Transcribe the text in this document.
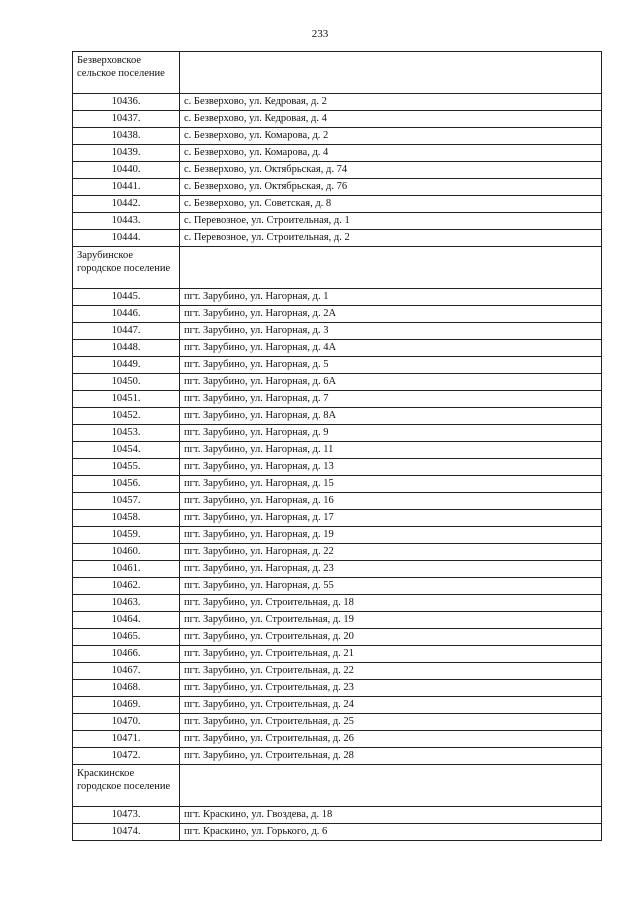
233
Безверховское сельское поселение	
10436.	с. Безверхово, ул. Кедровая, д. 2
10437.	с. Безверхово, ул. Кедровая, д. 4
10438.	с. Безверхово, ул. Комарова, д. 2
10439.	с. Безверхово, ул. Комарова, д. 4
10440.	с. Безверхово, ул. Октябрьская, д. 74
10441.	с. Безверхово, ул. Октябрьская, д. 76
10442.	с. Безверхово, ул. Советская, д. 8
10443.	с. Перевозное, ул. Строительная, д. 1
10444.	с. Перевозное, ул. Строительная, д. 2
Зарубинское городское поселение	
10445.	пгт. Зарубино, ул. Нагорная, д. 1
10446.	пгт. Зарубино, ул. Нагорная, д. 2А
10447.	пгт. Зарубино, ул. Нагорная, д. 3
10448.	пгт. Зарубино, ул. Нагорная, д. 4А
10449.	пгт. Зарубино, ул. Нагорная, д. 5
10450.	пгт. Зарубино, ул. Нагорная, д. 6А
10451.	пгт. Зарубино, ул. Нагорная, д. 7
10452.	пгт. Зарубино, ул. Нагорная, д. 8А
10453.	пгт. Зарубино, ул. Нагорная, д. 9
10454.	пгт. Зарубино, ул. Нагорная, д. 11
10455.	пгт. Зарубино, ул. Нагорная, д. 13
10456.	пгт. Зарубино, ул. Нагорная, д. 15
10457.	пгт. Зарубино, ул. Нагорная, д. 16
10458.	пгт. Зарубино, ул. Нагорная, д. 17
10459.	пгт. Зарубино, ул. Нагорная, д. 19
10460.	пгт. Зарубино, ул. Нагорная, д. 22
10461.	пгт. Зарубино, ул. Нагорная, д. 23
10462.	пгт. Зарубино, ул. Нагорная, д. 55
10463.	пгт. Зарубино, ул. Строительная, д. 18
10464.	пгт. Зарубино, ул. Строительная, д. 19
10465.	пгт. Зарубино, ул. Строительная, д. 20
10466.	пгт. Зарубино, ул. Строительная, д. 21
10467.	пгт. Зарубино, ул. Строительная, д. 22
10468.	пгт. Зарубино, ул. Строительная, д. 23
10469.	пгт. Зарубино, ул. Строительная, д. 24
10470.	пгт. Зарубино, ул. Строительная, д. 25
10471.	пгт. Зарубино, ул. Строительная, д. 26
10472.	пгт. Зарубино, ул. Строительная, д. 28
Краскинское городское поселение	
10473.	пгт. Краскино, ул. Гвоздева, д. 18
10474.	пгт. Краскино, ул. Горького, д. 6
